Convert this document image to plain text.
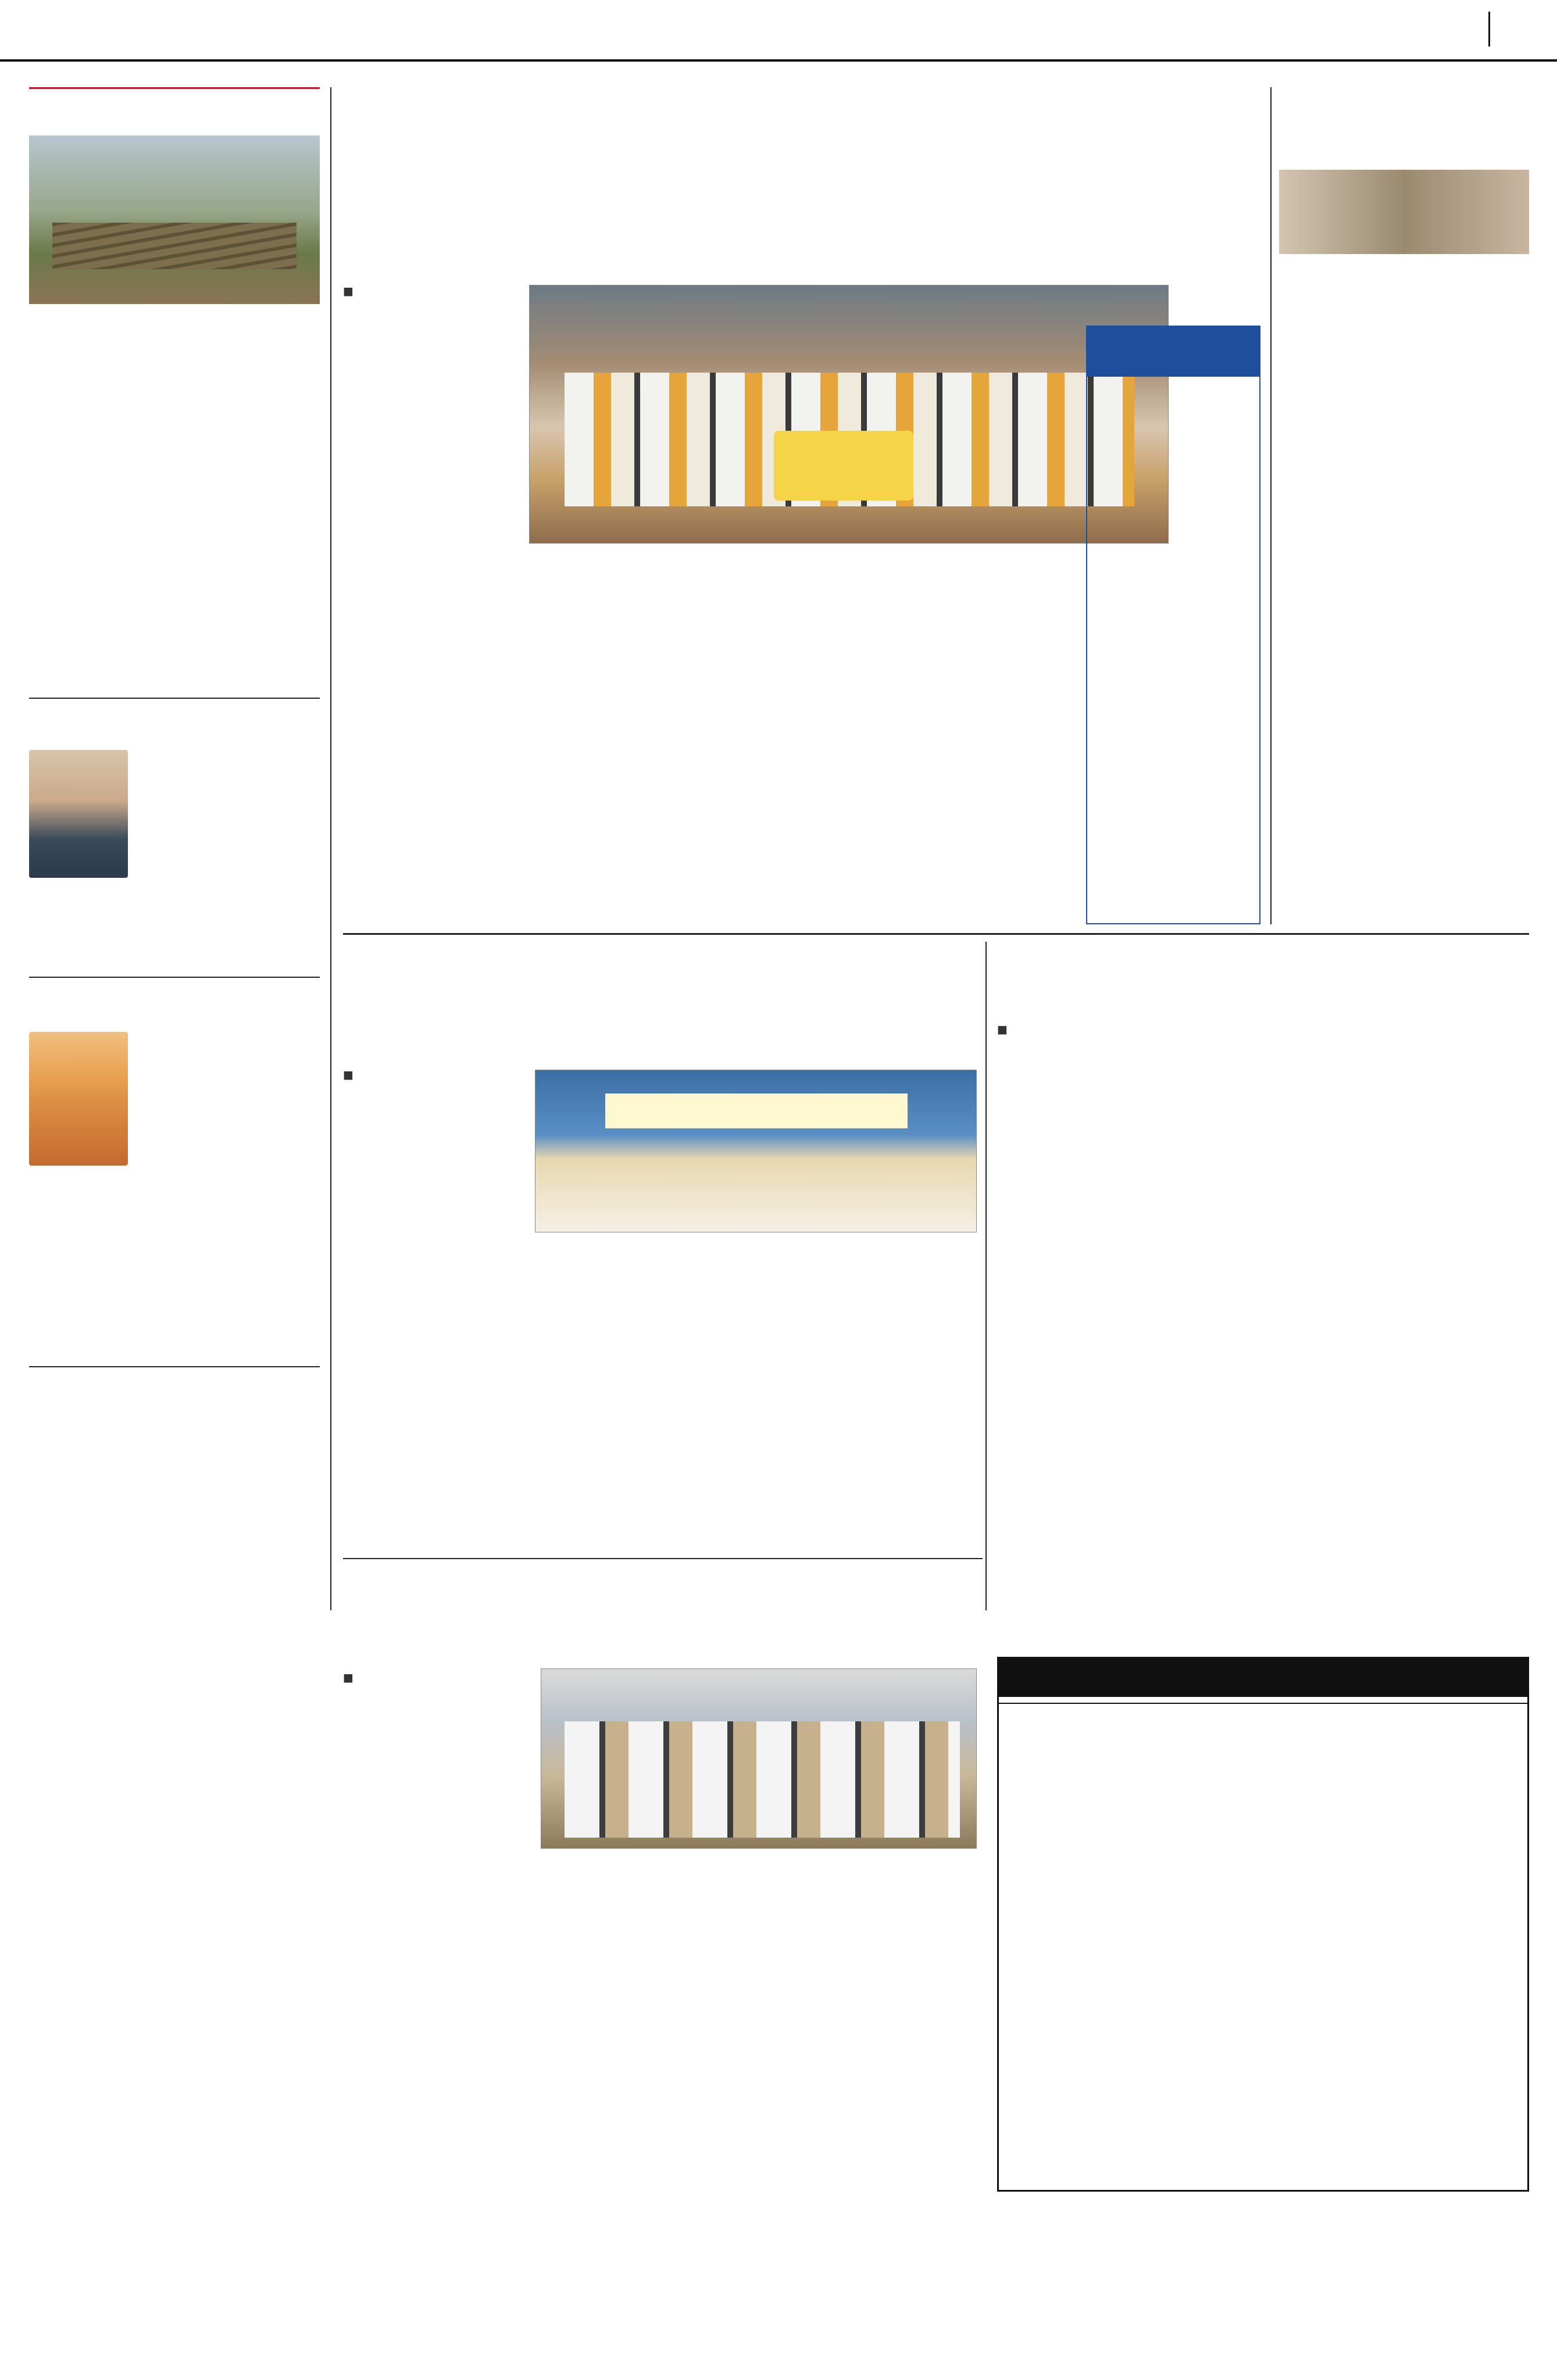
■

■

■

■
